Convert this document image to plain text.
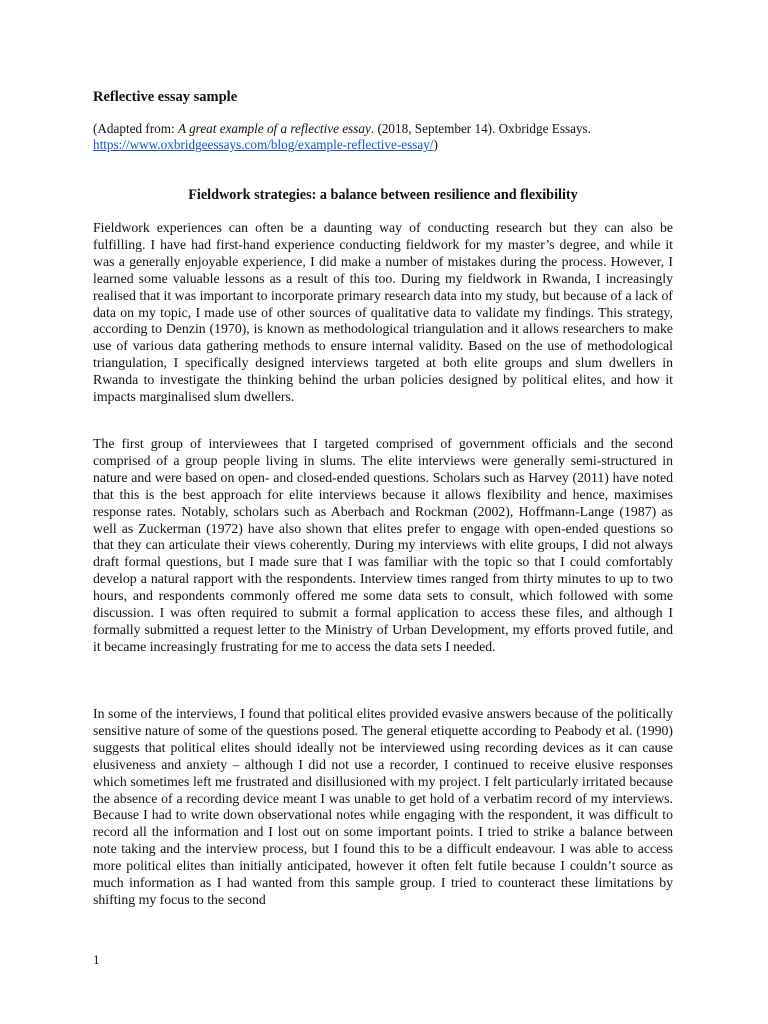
Reflective essay sample
(Adapted from: A great example of a reflective essay. (2018, September 14). Oxbridge Essays. https://www.oxbridgeessays.com/blog/example-reflective-essay/)
Fieldwork strategies: a balance between resilience and flexibility

Fieldwork experiences can often be a daunting way of conducting research but they can also be fulfilling. I have had first-hand experience conducting fieldwork for my master’s degree, and while it was a generally enjoyable experience, I did make a number of mistakes during the process. However, I learned some valuable lessons as a result of this too. During my fieldwork in Rwanda, I increasingly realised that it was important to incorporate primary research data into my study, but because of a lack of data on my topic, I made use of other sources of qualitative data to validate my findings. This strategy, according to Denzin (1970), is known as methodological triangulation and it allows researchers to make use of various data gathering methods to ensure internal validity. Based on the use of methodological triangulation, I specifically designed interviews targeted at both elite groups and slum dwellers in Rwanda to investigate the thinking behind the urban policies designed by political elites, and how it impacts marginalised slum dwellers.

The first group of interviewees that I targeted comprised of government officials and the second comprised of a group people living in slums. The elite interviews were generally semi-structured in nature and were based on open- and closed-ended questions. Scholars such as Harvey (2011) have noted that this is the best approach for elite interviews because it allows flexibility and hence, maximises response rates. Notably, scholars such as Aberbach and Rockman (2002), Hoffmann-Lange (1987) as well as Zuckerman (1972) have also shown that elites prefer to engage with open-ended questions so that they can articulate their views coherently. During my interviews with elite groups, I did not always draft formal questions, but I made sure that I was familiar with the topic so that I could comfortably develop a natural rapport with the respondents. Interview times ranged from thirty minutes to up to two hours, and respondents commonly offered me some data sets to consult, which followed with some discussion. I was often required to submit a formal application to access these files, and although I formally submitted a request letter to the Ministry of Urban Development, my efforts proved futile, and it became increasingly frustrating for me to access the data sets I needed.

In some of the interviews, I found that political elites provided evasive answers because of the politically sensitive nature of some of the questions posed. The general etiquette according to Peabody et al. (1990) suggests that political elites should ideally not be interviewed using recording devices as it can cause elusiveness and anxiety – although I did not use a recorder, I continued to receive elusive responses which sometimes left me frustrated and disillusioned with my project. I felt particularly irritated because the absence of a recording device meant I was unable to get hold of a verbatim record of my interviews. Because I had to write down observational notes while engaging with the respondent, it was difficult to record all the information and I lost out on some important points. I tried to strike a balance between note taking and the interview process, but I found this to be a difficult endeavour. I was able to access more political elites than initially anticipated, however it often felt futile because I couldn’t source as much information as I had wanted from this sample group. I tried to counteract these limitations by shifting my focus to the second

1
